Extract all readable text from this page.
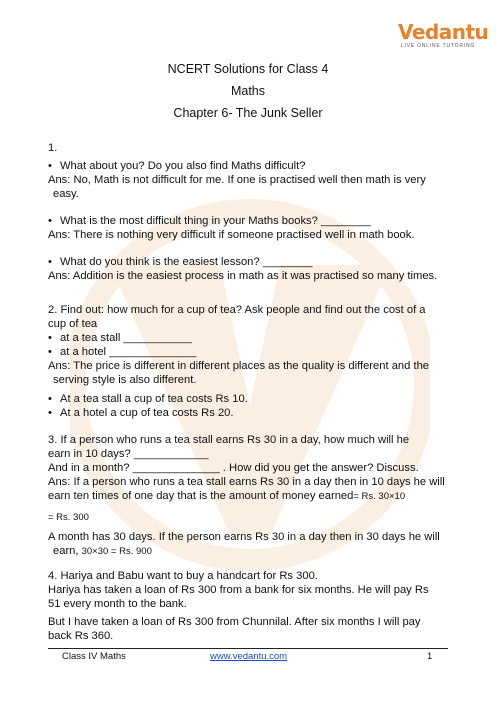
Vedantu
LIVE ONLINE TUTORING
NCERT Solutions for Class 4
Maths
Chapter 6- The Junk Seller
1.
• What about you? Do you also find Maths difficult?
Ans: No, Math is not difficult for me. If one is practised well then math is very
easy.
• What is the most difficult thing in your Maths books? ________
Ans: There is nothing very difficult if someone practised well in math book.
• What do you think is the easiest lesson? ________
Ans: Addition is the easiest process in math as it was practised so many times.
2. Find out: how much for a cup of tea? Ask people and find out the cost of a
cup of tea
• at a tea stall ___________
• at a hotel ______________
Ans: The price is different in different places as the quality is different and the
serving style is also different.
• At a tea stall a cup of tea costs Rs 10.
• At a hotel a cup of tea costs Rs 20.
3. If a person who runs a tea stall earns Rs 30 in a day, how much will he
earn in 10 days? ____________
And in a month? ______________ . How did you get the answer? Discuss.
Ans: If a person who runs a tea stall earns Rs 30 in a day then in 10 days he will
earn ten times of one day that is the amount of money earned= Rs. 30×10
= Rs. 300
A month has 30 days. If the person earns Rs 30 in a day then in 30 days he will
earn, 30×30 = Rs. 900
4. Hariya and Babu want to buy a handcart for Rs 300.
Hariya has taken a loan of Rs 300 from a bank for six months. He will pay Rs
51 every month to the bank.
But I have taken a loan of Rs 300 from Chunnilal. After six months I will pay
back Rs 360.
Class IV Maths	www.vedantu.com	1
